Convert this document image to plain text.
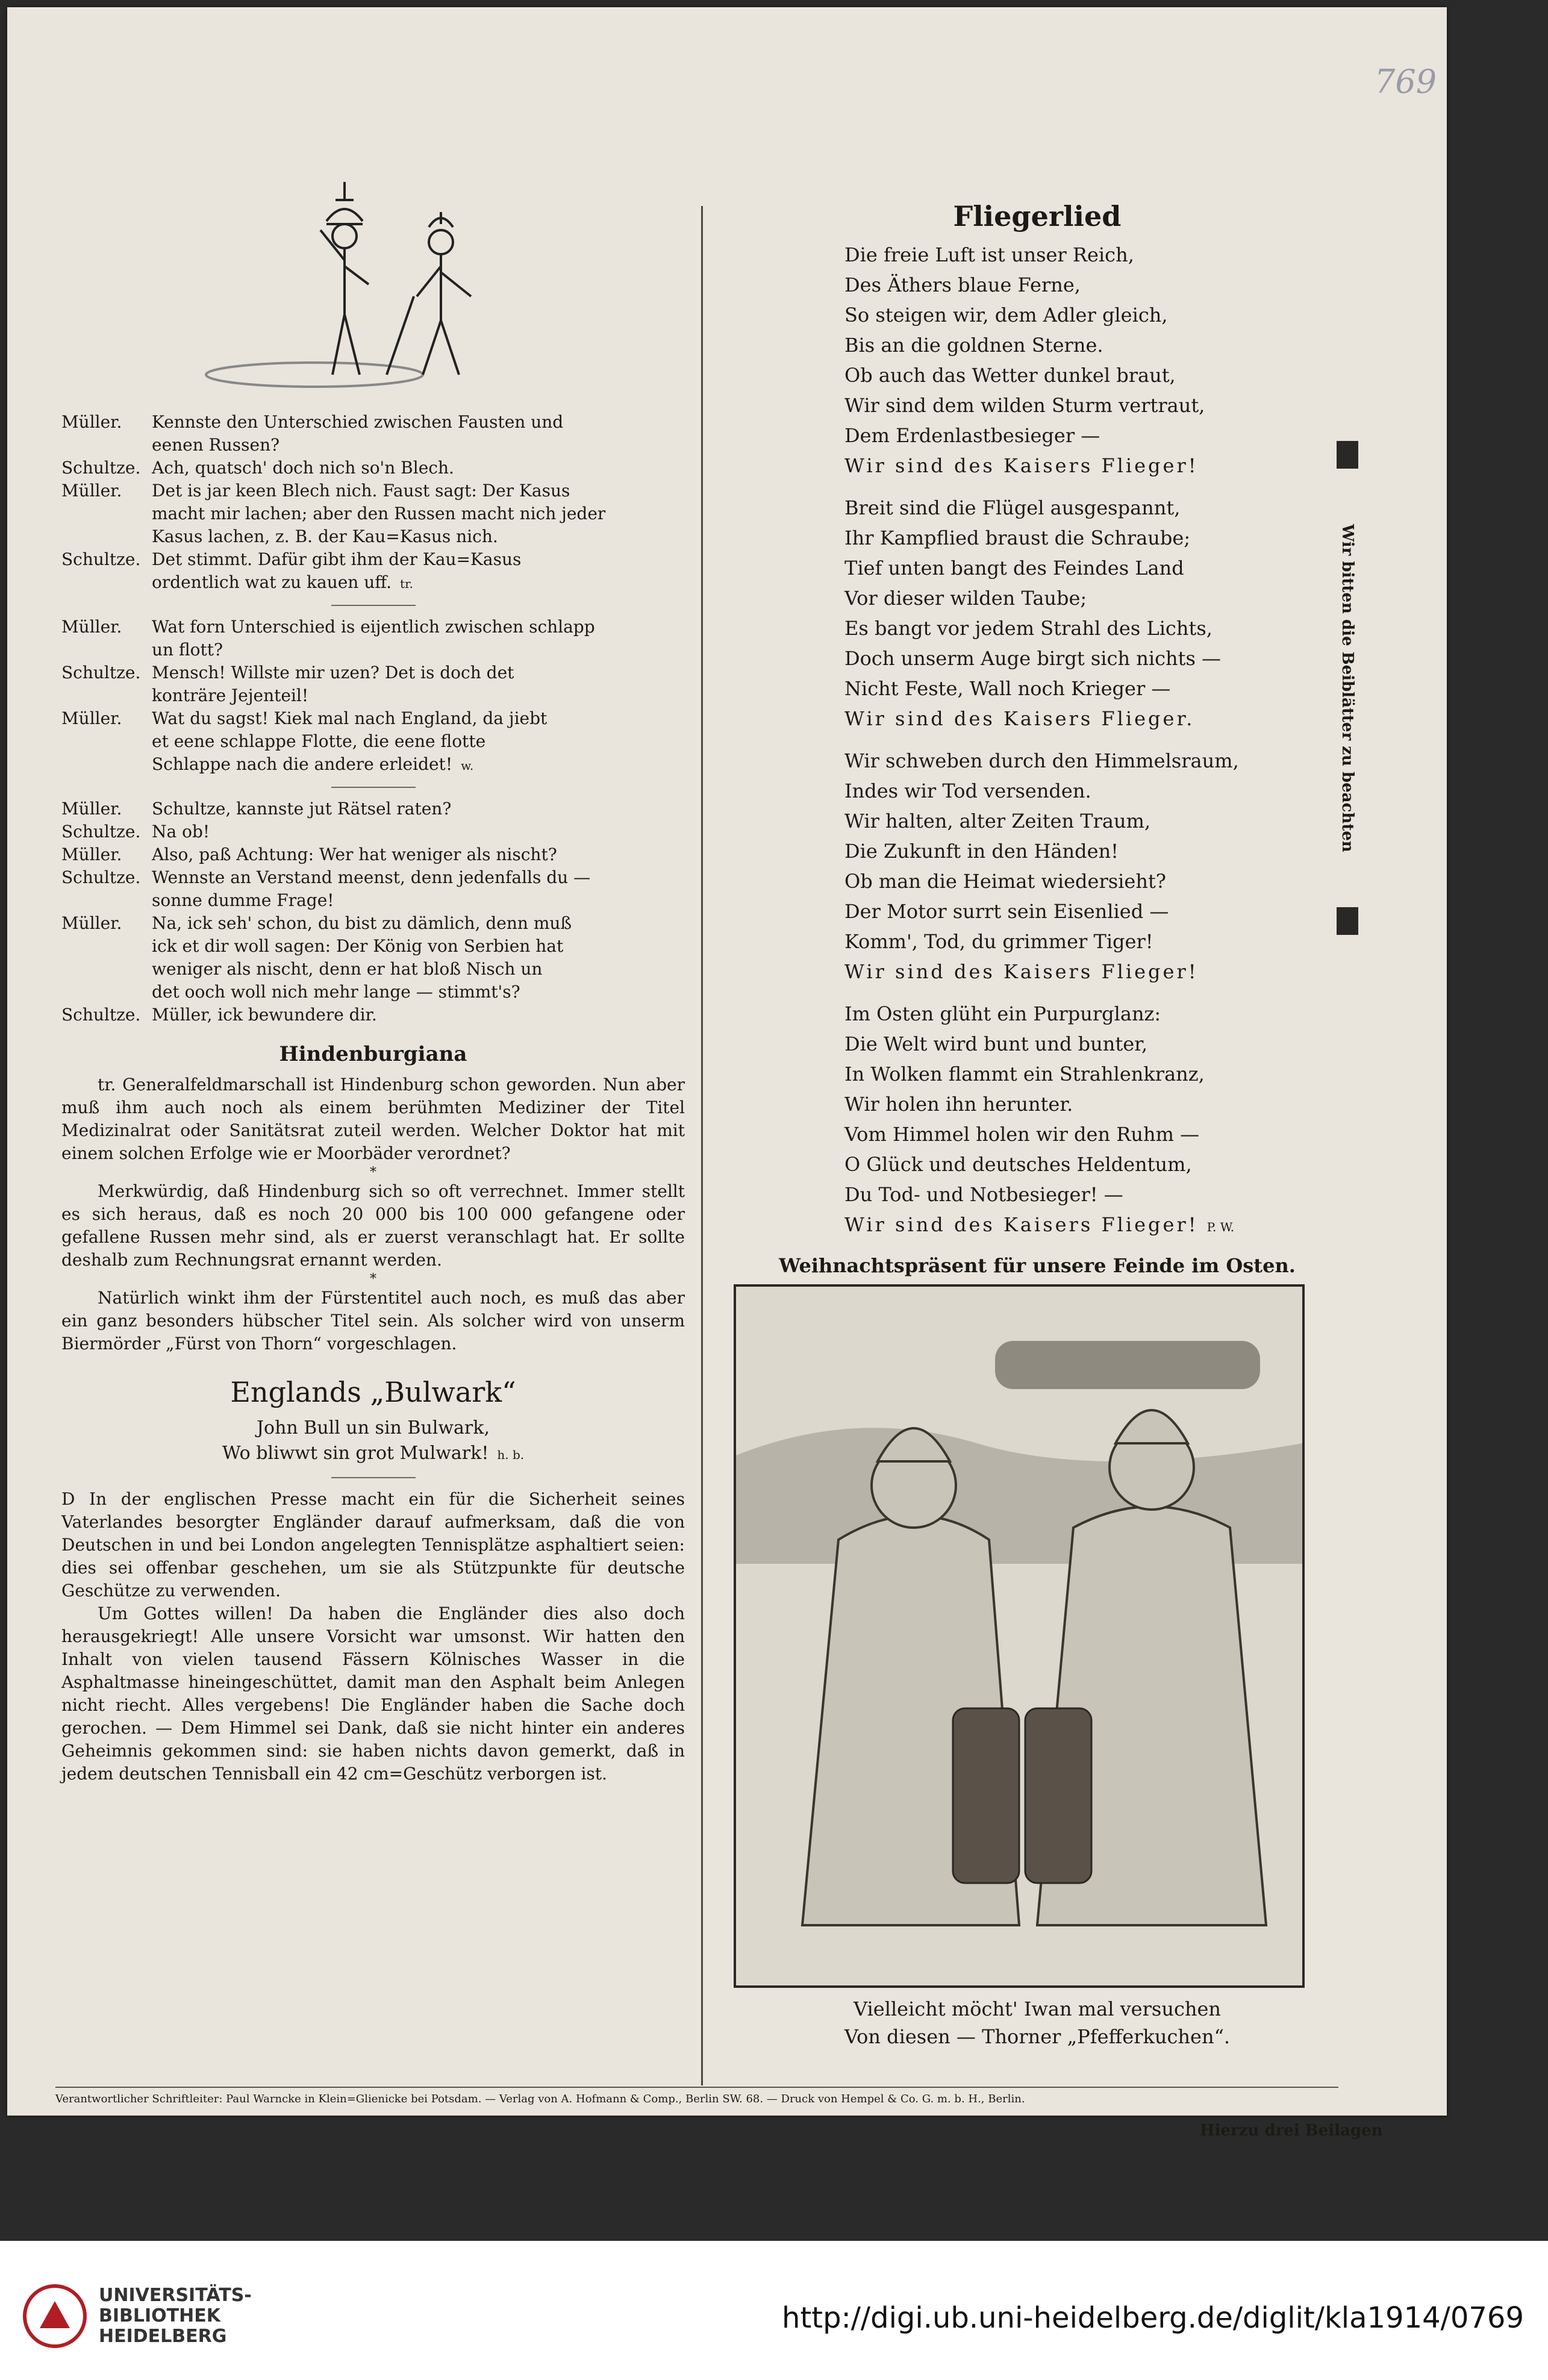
769
Müller.	Kennste den Unterschied zwischen Fausten und
eenen Russen?
Schultze. Ach, quatsch' doch nich so'n Blech.
Müller.	Det is jar keen Blech nich. Faust sagt: Der Kasus
macht mir lachen; aber den Russen macht nich jeder
Kasus lachen, z. B. der Kau=Kasus nich.
Schultze. Det stimmt. Dafür gibt ihm der Kau=Kasus
ordentlich wat zu kauen uff. tr.
Müller.	Wat forn Unterschied is eijentlich zwischen schlapp
un flott?
Schultze. Mensch! Willste mir uzen? Det is doch det
konträre Jejenteil!
Müller.	Wat du sagst! Kiek mal nach England, da jiebt
et eene schlappe Flotte, die eene flotte
Schlappe nach die andere erleidet! w.
Müller.	Schultze, kannste jut Rätsel raten?
Schultze. Na ob!
Müller.	Also, paß Achtung: Wer hat weniger als nischt?
Schultze. Wennste an Verstand meenst, denn jedenfalls du —
sonne dumme Frage!
Müller.	Na, ick seh' schon, du bist zu dämlich, denn muß
ick et dir woll sagen: Der König von Serbien hat
weniger als nischt, denn er hat bloß Nisch un
det ooch woll nich mehr lange — stimmt's?
Schultze. Müller, ick bewundere dir.
Hindenburgiana

tr. Generalfeldmarschall ist Hindenburg schon geworden. Nun aber muß ihm auch noch als einem berühmten Mediziner der Titel Medizinalrat oder Sanitätsrat zuteil werden. Welcher Doktor hat mit einem solchen Erfolge wie er Moorbäder verordnet?

*

Merkwürdig, daß Hindenburg sich so oft verrechnet. Immer stellt es sich heraus, daß es noch 20 000 bis 100 000 gefangene oder gefallene Russen mehr sind, als er zuerst veranschlagt hat. Er sollte deshalb zum Rechnungsrat ernannt werden.

*

Natürlich winkt ihm der Fürstentitel auch noch, es muß das aber ein ganz besonders hübscher Titel sein. Als solcher wird von unserm Biermörder „Fürst von Thorn“ vorgeschlagen.

Englands „Bulwark“
John Bull un sin Bulwark,
Wo bliwwt sin grot Mulwark! h. b.

D In der englischen Presse macht ein für die Sicherheit seines Vaterlandes besorgter Engländer darauf aufmerksam, daß die von Deutschen in und bei London angelegten Tennisplätze asphaltiert seien: dies sei offenbar geschehen, um sie als Stützpunkte für deutsche Geschütze zu verwenden.

Um Gottes willen! Da haben die Engländer dies also doch herausgekriegt! Alle unsere Vorsicht war umsonst. Wir hatten den Inhalt von vielen tausend Fässern Kölnisches Wasser in die Asphaltmasse hineingeschüttet, damit man den Asphalt beim Anlegen nicht riecht. Alles vergebens! Die Engländer haben die Sache doch gerochen. — Dem Himmel sei Dank, daß sie nicht hinter ein anderes Geheimnis gekommen sind: sie haben nichts davon gemerkt, daß in jedem deutschen Tennisball ein 42 cm=Geschütz verborgen ist.

Fliegerlied
Die freie Luft ist unser Reich,
Des Äthers blaue Ferne,
So steigen wir, dem Adler gleich,
Bis an die goldnen Sterne.
Ob auch das Wetter dunkel braut,
Wir sind dem wilden Sturm vertraut,
Dem Erdenlastbesieger —
Wir sind des Kaisers Flieger!
Breit sind die Flügel ausgespannt,
Ihr Kampflied braust die Schraube;
Tief unten bangt des Feindes Land
Vor dieser wilden Taube;
Es bangt vor jedem Strahl des Lichts,
Doch unserm Auge birgt sich nichts —
Nicht Feste, Wall noch Krieger —
Wir sind des Kaisers Flieger.
Wir schweben durch den Himmelsraum,
Indes wir Tod versenden.
Wir halten, alter Zeiten Traum,
Die Zukunft in den Händen!
Ob man die Heimat wiedersieht?
Der Motor surrt sein Eisenlied —
Komm', Tod, du grimmer Tiger!
Wir sind des Kaisers Flieger!
Im Osten glüht ein Purpurglanz:
Die Welt wird bunt und bunter,
In Wolken flammt ein Strahlenkranz,
Wir holen ihn herunter.
Vom Himmel holen wir den Ruhm —
O Glück und deutsches Heldentum,
Du Tod- und Notbesieger! —
Wir sind des Kaisers Flieger! P. W.
Weihnachtspräsent für unsere Feinde im Osten.
Vielleicht möcht' Iwan mal versuchen
Von diesen — Thorner „Pfefferkuchen“.
Wir bitten die Beiblätter zu beachten
Verantwortlicher Schriftleiter: Paul Warncke in Klein=Glienicke bei Potsdam. — Verlag von A. Hofmann & Comp., Berlin SW. 68. — Druck von Hempel & Co. G. m. b. H., Berlin.
Hierzu drei Beilagen
UNIVERSITÄTS-
BIBLIOTHEK
HEIDELBERG
http://digi.ub.uni-heidelberg.de/diglit/kla1914/0769
